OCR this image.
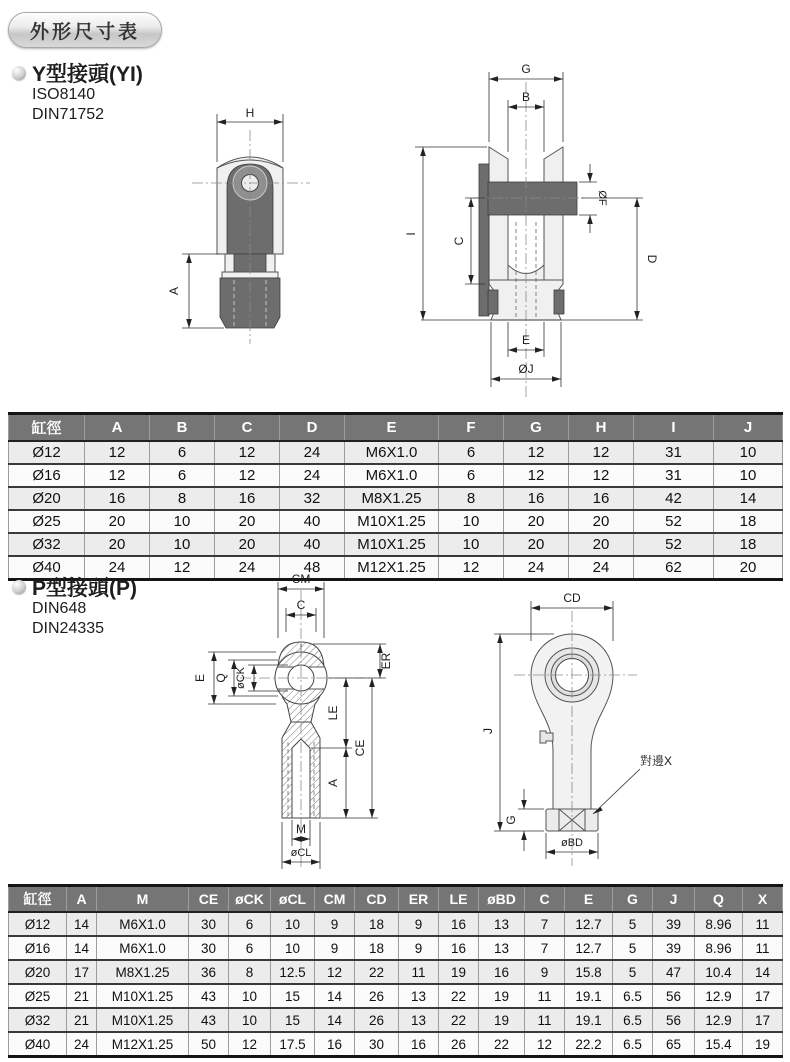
外形尺寸表
Y型接頭(YI)
ISO8140
DIN71752	H
A
G
B
ØF
C
I
D
E
ØJ
缸徑	A	B	C	D	E	F	G	H	I	J
Ø12	12	6	12	24	M6X1.0	6	12	12	31	10
Ø16	12	6	12	24	M6X1.0	6	12	12	31	10
Ø20	16	8	16	32	M8X1.25	8	16	16	42	14
Ø25	20	10	20	40	M10X1.25	10	20	20	52	18
Ø32	20	10	20	40	M10X1.25	10	20	20	52	18
Ø40	24	12	24	48	M12X1.25	12	24	24	62	20
P型接頭(P)
DIN648
DIN24335
CM
C
E Q øCK
ER
LE
CE
A
M
øCL
CD
J
G
øBD
對邊X
缸徑	A	M	CE	øCK	øCL	CM	CD	ER	LE	øBD	C	E	G	J	Q	X
Ø12	14	M6X1.0	30	6	10	9	18	9	16	13	7	12.7	5	39	8.96	11
Ø16	14	M6X1.0	30	6	10	9	18	9	16	13	7	12.7	5	39	8.96	11
Ø20	17	M8X1.25	36	8	12.5	12	22	11	19	16	9	15.8	5	47	10.4	14
Ø25	21	M10X1.25	43	10	15	14	26	13	22	19	11	19.1	6.5	56	12.9	17
Ø32	21	M10X1.25	43	10	15	14	26	13	22	19	11	19.1	6.5	56	12.9	17
Ø40	24	M12X1.25	50	12	17.5	16	30	16	26	22	12	22.2	6.5	65	15.4	19
